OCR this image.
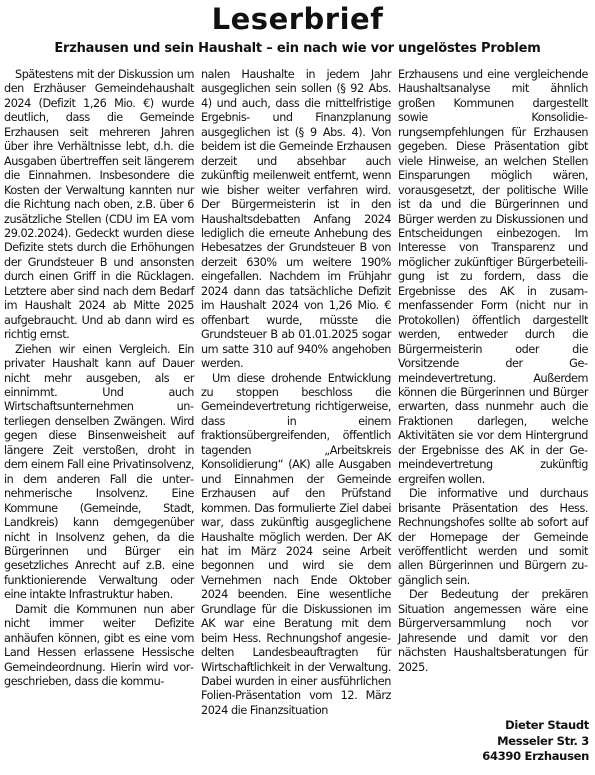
Leserbrief
Erzhausen und sein Haushalt – ein nach wie vor ungelöstes Problem

Spätestens mit der Diskussion um den Erzhäuser Gemeindehaushalt 2024 (Defizit 1,26 Mio. €) wurde deutlich, dass die Gemeinde Erzhausen seit mehreren Jahren über ihre Verhältnisse lebt, d.h. die Ausgaben übertreffen seit längerem die Einnahmen. Insbesondere die Kosten der Verwaltung kannten nur die Richtung nach oben, z.B. über 6 zusätzliche Stellen (CDU im EA vom 29.02.2024). Gedeckt wurden diese Defizite stets durch die Erhöhungen der Grundsteuer B und ansonsten durch einen Griff in die Rücklagen. Letztere aber sind nach dem Bedarf im Haushalt 2024 ab Mitte 2025 aufgebraucht. Und ab dann wird es richtig ernst.

Ziehen wir einen Vergleich. Ein privater Haushalt kann auf Dauer nicht mehr ausgeben, als er einnimmt. Und auch Wirtschaftsunternehmen unterliegen denselben Zwängen. Wird gegen diese Binsenweisheit auf längere Zeit verstoßen, droht in dem einem Fall eine Privatinsolvenz, in dem anderen Fall die unternehmerische Insolvenz. Eine Kommune (Gemeinde, Stadt, Landkreis) kann demgegenüber nicht in Insolvenz gehen, da die Bürgerinnen und Bürger ein gesetzliches Anrecht auf z.B. eine funktionierende Verwaltung oder eine intakte Infrastruktur haben.

Damit die Kommunen nun aber nicht immer weiter Defizite anhäufen können, gibt es eine vom Land Hessen erlassene Hessische Gemeindeordnung. Hierin wird vorgeschrieben, dass die kommu-

nalen Haushalte in jedem Jahr ausgeglichen sein sollen (§ 92 Abs. 4) und auch, dass die mittelfristige Ergebnis- und Finanzplanung ausgeglichen ist (§ 9 Abs. 4). Von beidem ist die Gemeinde Erzhausen derzeit und absehbar auch zukünftig meilenweit entfernt, wenn wie bisher weiter verfahren wird. Der Bürgermeisterin ist in den Haushaltsdebatten Anfang 2024 lediglich die erneute Anhebung des Hebesatzes der Grundsteuer B von derzeit 630% um weitere 190% eingefallen. Nachdem im Frühjahr 2024 dann das tatsächliche Defizit im Haushalt 2024 von 1,26 Mio. € offenbart wurde, müsste die Grundsteuer B ab 01.01.2025 sogar um satte 310 auf 940% angehoben werden.

Um diese drohende Entwicklung zu stoppen beschloss die Gemeindevertretung richtigerweise, dass in einem fraktionsübergreifenden, öffentlich tagenden „Arbeitskreis Konsolidierung“ (AK) alle Ausgaben und Einnahmen der Gemeinde Erzhausen auf den Prüfstand kommen. Das formulierte Ziel dabei war, dass zukünftig ausgeglichene Haushalte möglich werden. Der AK hat im März 2024 seine Arbeit begonnen und wird sie dem Vernehmen nach Ende Oktober 2024 beenden. Eine wesentliche Grundlage für die Diskussionen im AK war eine Beratung mit dem beim Hess. Rechnungshof angesiedelten Landesbeauftragten für Wirtschaftlichkeit in der Verwaltung. Dabei wurden in einer ausführlichen Folien-Präsentation vom 12. März 2024 die Finanzsituation

Erzhausens und eine vergleichende Haushaltsanalyse mit ähnlich großen Kommunen dargestellt sowie Konsolidierungsempfehlungen für Erzhausen gegeben. Diese Präsentation gibt viele Hinweise, an welchen Stellen Einsparungen möglich wären, vorausgesetzt, der politische Wille ist da und die Bürgerinnen und Bürger werden zu Diskussionen und Entscheidungen einbezogen. Im Interesse von Transparenz und möglicher zukünftiger Bürgerbeteiligung ist zu fordern, dass die Ergebnisse des AK in zusammenfassender Form (nicht nur in Protokollen) öffentlich dargestellt werden, entweder durch die Bürgermeisterin oder die Vorsitzende der Gemeindevertretung. Außerdem können die Bürgerinnen und Bürger erwarten, dass nunmehr auch die Fraktionen darlegen, welche Aktivitäten sie vor dem Hintergrund der Ergebnisse des AK in der Gemeindevertretung zukünftig ergreifen wollen.

Die informative und durchaus brisante Präsentation des Hess. Rechnungshofes sollte ab sofort auf der Homepage der Gemeinde veröffentlicht werden und somit allen Bürgerinnen und Bürgern zugänglich sein.

Der Bedeutung der prekären Situation angemessen wäre eine Bürgerversammlung noch vor Jahresende und damit vor den nächsten Haushaltsberatungen für 2025.

Dieter Staudt
Messeler Str. 3
64390 Erzhausen
